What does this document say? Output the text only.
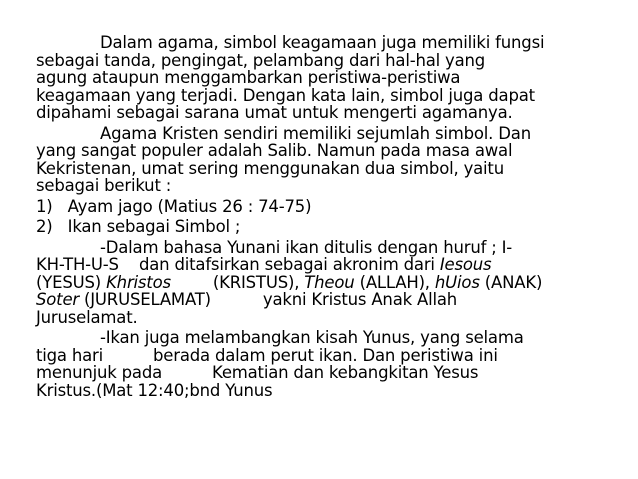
Dalam agama, simbol keagamaan juga memiliki fungsi

sebagai tanda, pengingat, pelambang dari hal-hal yang

agung ataupun menggambarkan peristiwa-peristiwa

keagamaan yang terjadi. Dengan kata lain, simbol juga dapat

dipahami sebagai sarana umat untuk mengerti agamanya.

Agama Kristen sendiri memiliki sejumlah simbol. Dan

yang sangat populer adalah Salib. Namun pada masa awal

Kekristenan, umat sering menggunakan dua simbol, yaitu

sebagai berikut :

1)   Ayam jago (Matius 26 : 74-75)

2)   Ikan sebagai Simbol ;

-Dalam bahasa Yunani ikan ditulis dengan huruf ; I-

KH-TH-U-S    dan ditafsirkan sebagai akronim dari Iesous

(YESUS) Khristos	(KRISTUS), Theou (ALLAH), hUios (ANAK)

Soter (JURUSELAMAT)	yakni Kristus Anak Allah

Juruselamat.

-Ikan juga melambangkan kisah Yunus, yang selama

tiga hari	berada dalam perut ikan. Dan peristiwa ini

menunjuk pada	Kematian dan kebangkitan Yesus

Kristus.(Mat 12:40;bnd Yunus
